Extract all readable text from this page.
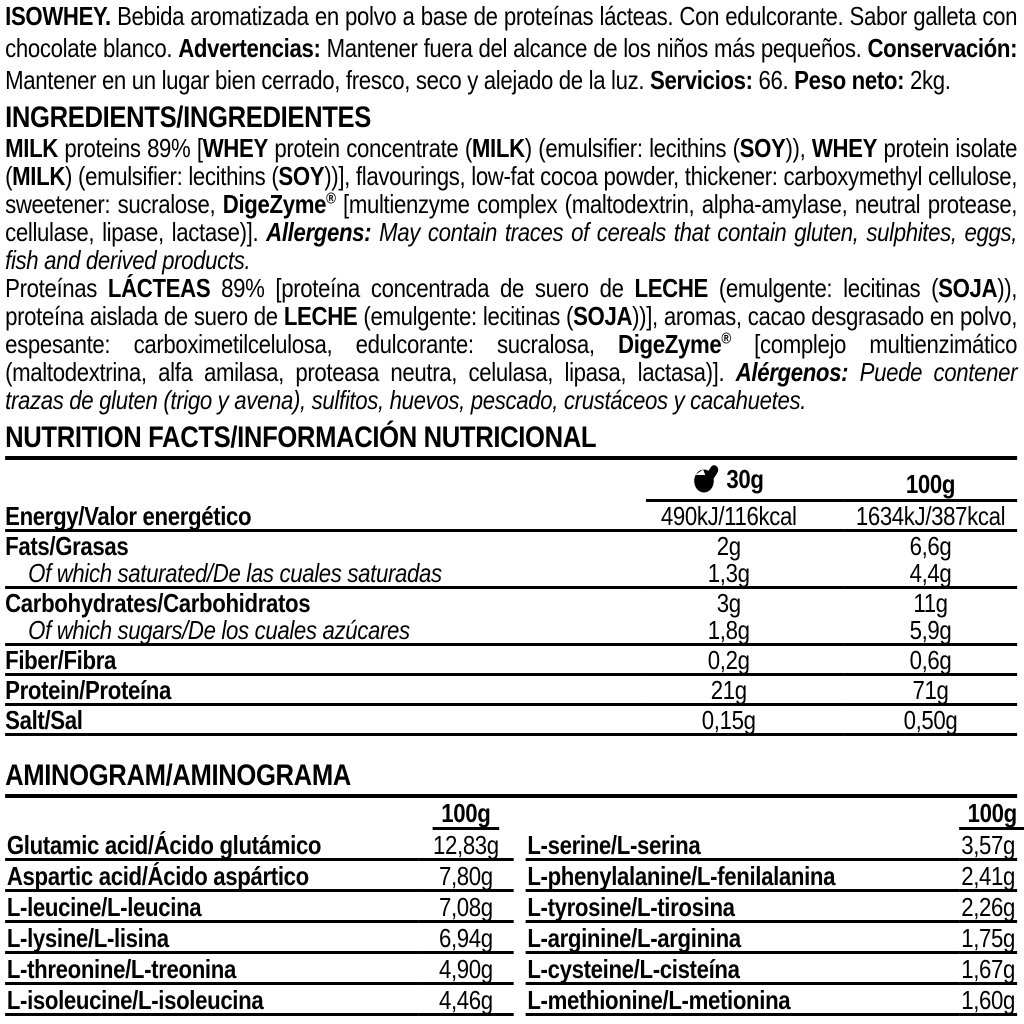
ISOWHEY. Bebida aromatizada en polvo a base de proteínas lácteas. Con edulcorante. Sabor galleta con chocolate blanco. Advertencias: Mantener fuera del alcance de los niños más pequeños. Conservación: Mantener en un lugar bien cerrado, fresco, seco y alejado de la luz. Servicios: 66. Peso neto: 2kg.

INGREDIENTS/INGREDIENTES

MILK proteins 89% [WHEY protein concentrate (MILK) (emulsifier: lecithins (SOY)), WHEY protein isolate (MILK) (emulsifier: lecithins (SOY))], flavourings, low-fat cocoa powder, thickener: carboxymethyl cellulose, sweetener: sucralose, DigeZyme® [multienzyme complex (maltodextrin, alpha-amylase, neutral protease, cellulase, lipase, lactase)]. Allergens: May contain traces of cereals that contain gluten, sulphites, eggs, fish and derived products.

Proteínas LÁCTEAS 89% [proteína concentrada de suero de LECHE (emulgente: lecitinas (SOJA)), proteína aislada de suero de LECHE (emulgente: lecitinas (SOJA))], aromas, cacao desgrasado en polvo, espesante: carboximetilcelulosa, edulcorante: sucralosa, DigeZyme® [complejo multienzimático (maltodextrina, alfa amilasa, proteasa neutra, celulasa, lipasa, lactasa)]. Alérgenos: Puede contener trazas de gluten (trigo y avena), sulfitos, huevos, pescado, crustáceos y cacahuetes.

NUTRITION FACTS/INFORMACIÓN NUTRICIONAL
	30g		100g
Energy/Valor energético	490kJ/116kcal		1634kJ/387kcal
Fats/Grasas	2g		6,6g
Of which saturated/De las cuales saturadas	1,3g		4,4g
Carbohydrates/Carbohidratos	3g		11g
Of which sugars/De los cuales azúcares	1,8g		5,9g
Fiber/Fibra	0,2g		0,6g
Protein/Proteína	21g		71g
Salt/Sal	0,15g		0,50g
AMINOGRAM/AMINOGRAMA
	100g
Glutamic acid/Ácido glutámico	12,83g
Aspartic acid/Ácido aspártico	7,80g
L-leucine/L-leucina	7,08g
L-lysine/L-lisina	6,94g
L-threonine/L-treonina	4,90g
L-isoleucine/L-isoleucina	4,46g
	100g
L-serine/L-serina	3,57g
L-phenylalanine/L-fenilalanina	2,41g
L-tyrosine/L-tirosina	2,26g
L-arginine/L-arginina	1,75g
L-cysteine/L-cisteína	1,67g
L-methionine/L-metionina	1,60g
